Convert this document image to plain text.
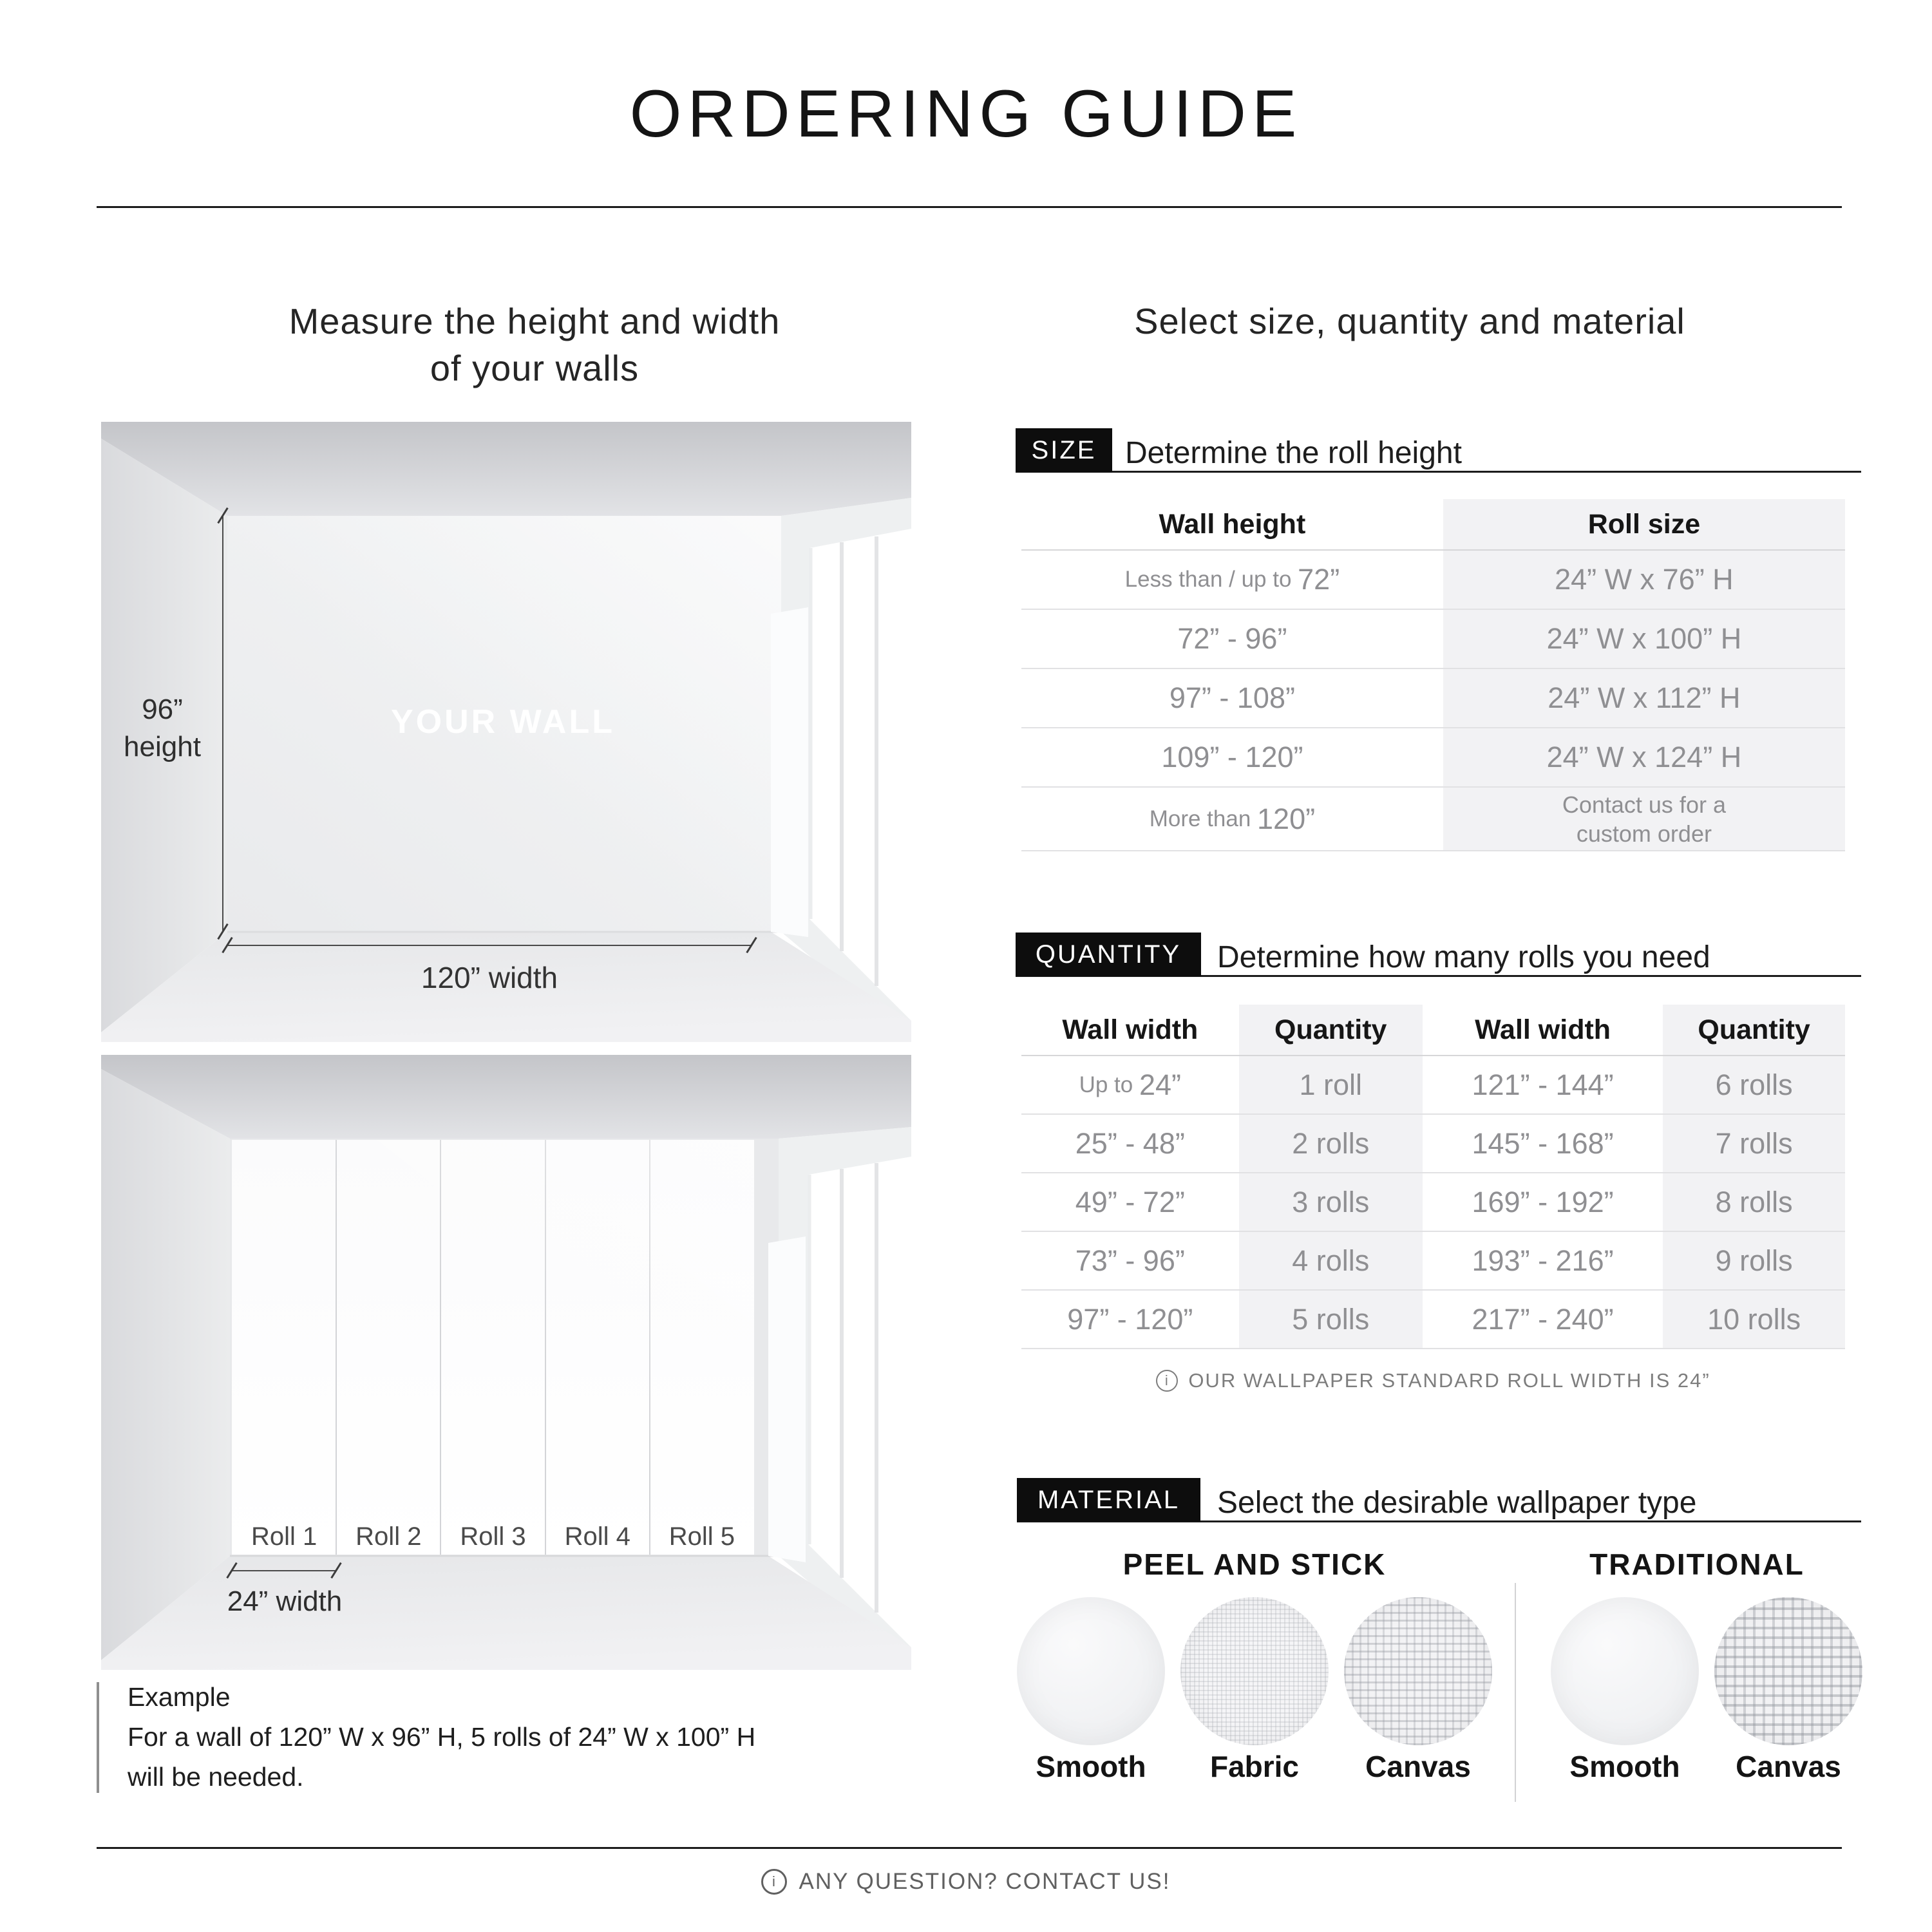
ORDERING GUIDE
Measure the height and width
of your walls
96”
height
YOUR WALL
120” width
Roll 1	Roll 2	Roll 3	Roll 4	Roll 5
24” width
Example
For a wall of 120” W x 96” H, 5 rolls of 24” W x 100” H
will be needed.
Select size, quantity and material
SIZE Determine the roll height
Wall height	Roll size
Less than / up to 72”	24” W x 76” H
72” - 96”	24” W x 100” H
97” - 108”	24” W x 112” H
109” - 120”	24” W x 124” H
More than 120”	Contact us for a
custom order
QUANTITY	Determine how many rolls you need
Wall width	Quantity	Wall width	Quantity
Up to 24”	1 roll	121” - 144”	6 rolls
25” - 48”	2 rolls	145” - 168”	7 rolls
49” - 72”	3 rolls	169” - 192”	8 rolls
73” - 96”	4 rolls	193” - 216”	9 rolls
97” - 120”	5 rolls	217” - 240”	10 rolls
i OUR WALLPAPER STANDARD ROLL WIDTH IS 24”
MATERIAL	Select the desirable wallpaper type
PEEL AND STICK	TRADITIONAL
Smooth	Fabric	Canvas	Smooth	Canvas
i ANY QUESTION? CONTACT US!
